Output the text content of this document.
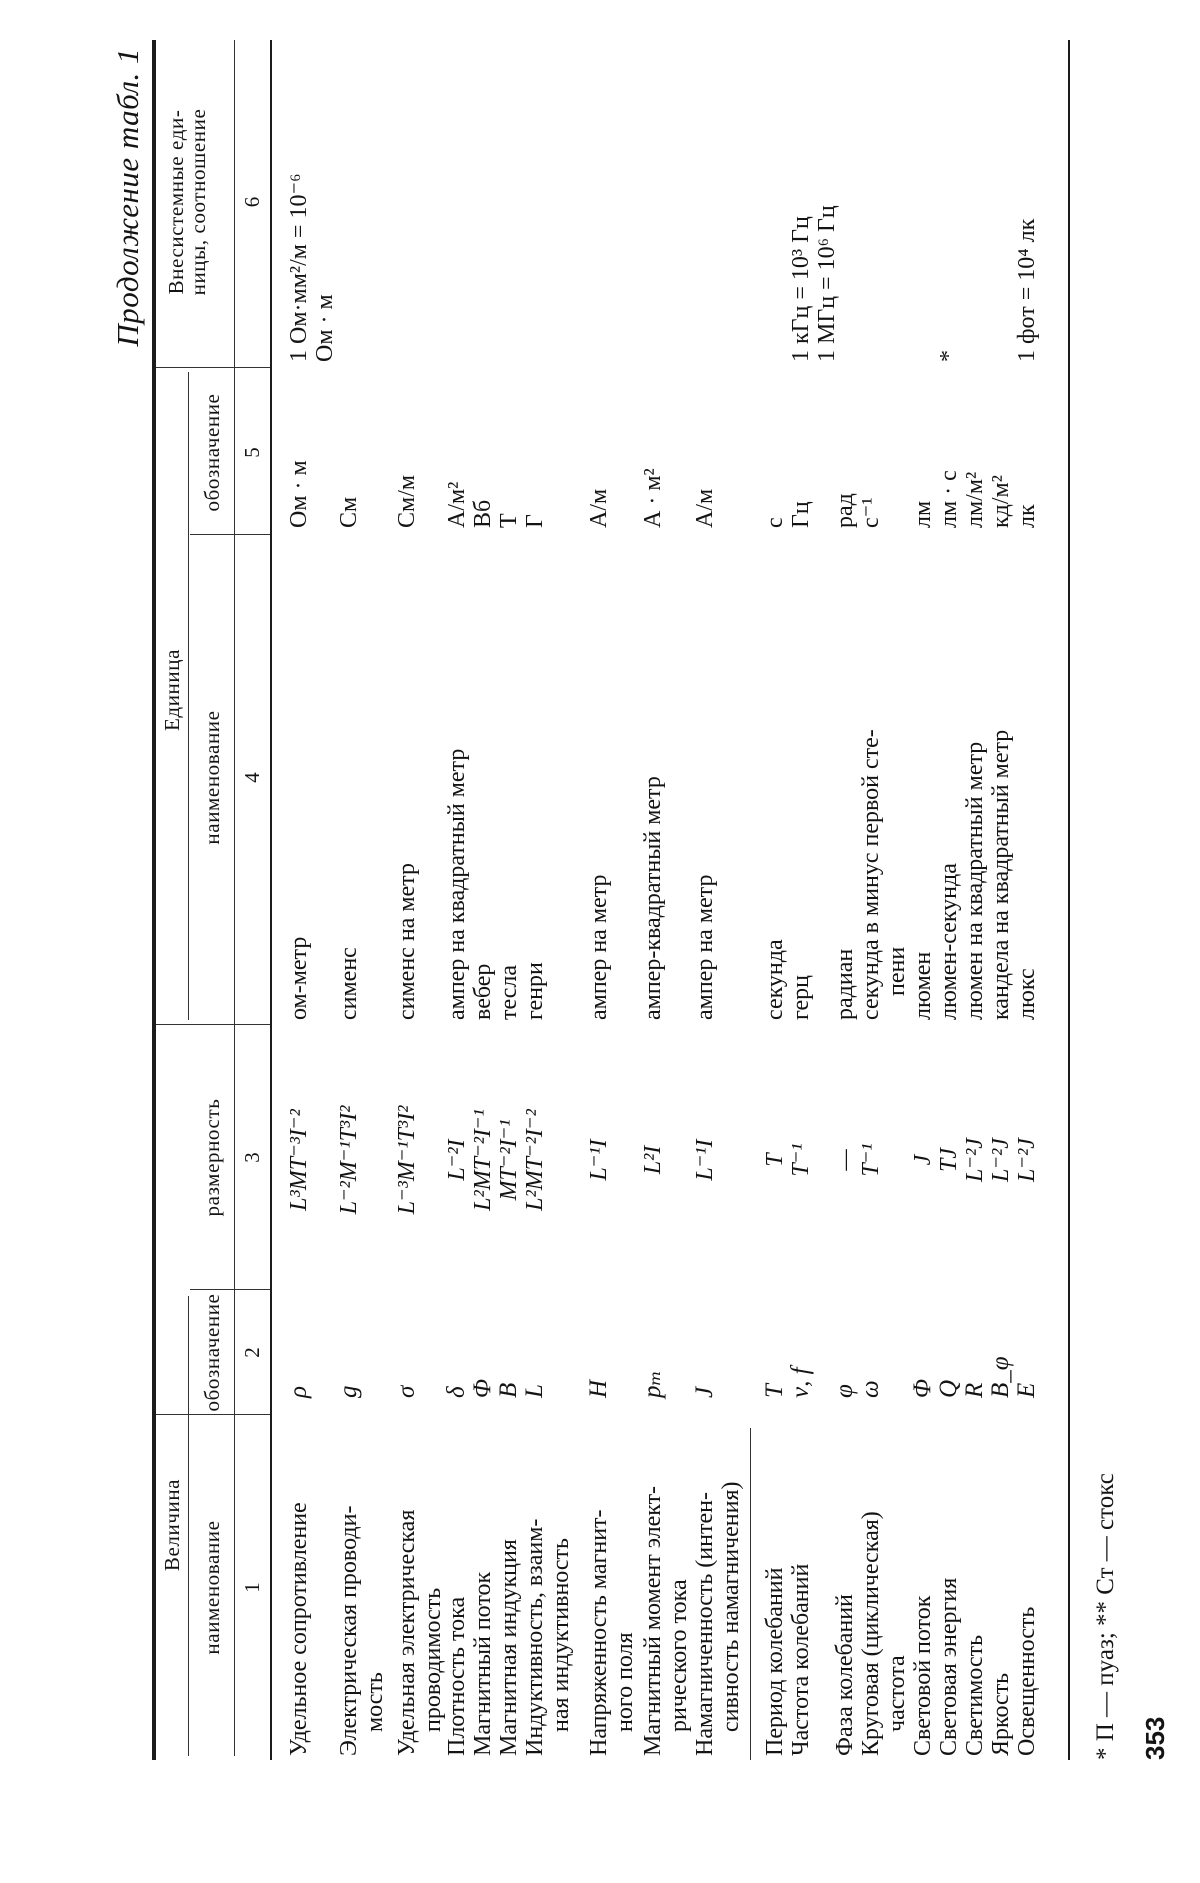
Продолжение табл. 1
Величина
Единица
наименование
обозначение
размерность
наименование
обозначение
Внесистемные еди-
ницы, соотношение
1
2
3
4
5
6
Удельное сопротивление
ρ
L³MT⁻³I⁻²
ом-метр
Ом · м
1 Ом·мм²/м = 10⁻⁶ Ом · м
Электрическая проводи- мость
g
L⁻²M⁻¹T³I²
сименс
См
Удельная электрическая проводимость
σ
L⁻³M⁻¹T³I²
сименс на метр
См/м
Плотность тока Магнитный поток Магнитная индукция Индуктивность, взаим- ная индуктивность
δ Φ B L
L⁻²I L²MT⁻²I⁻¹ MT⁻²I⁻¹ L²MT⁻²I⁻²
ампер на квадратный метр вебер тесла генри
А/м² Вб Т Г
Напряженность магнит- ного поля
H
L⁻¹I
ампер на метр
А/м
Магнитный момент элект- рического тока
pₘ
L²I
ампер-квадратный метр
А · м²
Намагниченность (интен- сивность намагничения)
J
L⁻¹I
ампер на метр
А/м
Период колебаний Частота колебаний
T ν, f
T T⁻¹
секунда герц
с Гц

1 кГц = 10³ Гц 1 МГц = 10⁶ Гц
Фаза колебаний Круговая (циклическая) частота Световой поток Световая энергия Светимость Яркость Освещенность
φ ω
Φ Q R B_φ E
— T⁻¹
J TJ L⁻²J L⁻²J L⁻²J
радиан секунда в минус первой сте- пени люмен люмен-секунда люмен на квадратный метр кандела на квадратный метр люкс
рад с⁻¹
лм лм · с лм/м² кд/м² лк

*

1 фот = 10⁴ лк
* П — пуаз; ** Ст — стокс 353
